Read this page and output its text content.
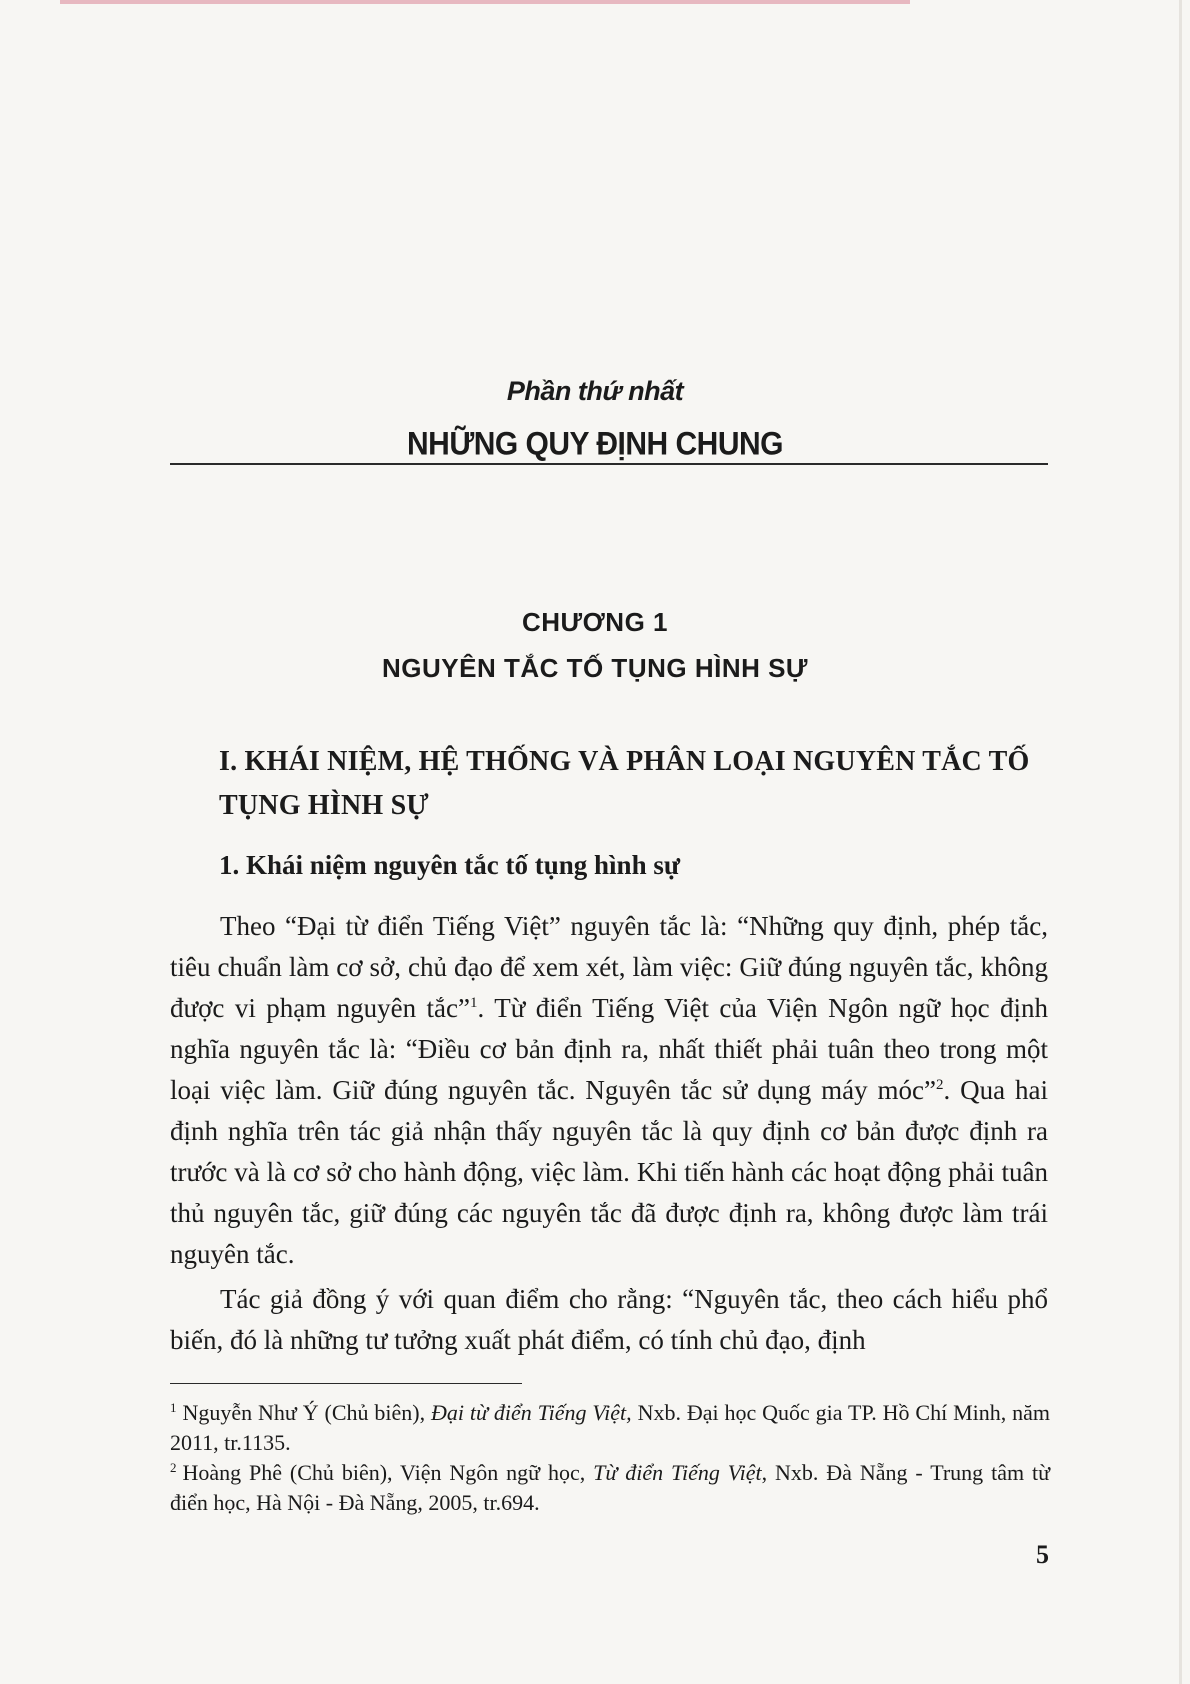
Phần thứ nhất
NHỮNG QUY ĐỊNH CHUNG
CHƯƠNG 1
NGUYÊN TẮC TỐ TỤNG HÌNH SỰ
I. KHÁI NIỆM, HỆ THỐNG VÀ PHÂN LOẠI NGUYÊN TẮC TỐ TỤNG HÌNH SỰ
1. Khái niệm nguyên tắc tố tụng hình sự

Theo “Đại từ điển Tiếng Việt” nguyên tắc là: “Những quy định, phép tắc, tiêu chuẩn làm cơ sở, chủ đạo để xem xét, làm việc: Giữ đúng nguyên tắc, không được vi phạm nguyên tắc”$^1$. Từ điển Tiếng Việt của Viện Ngôn ngữ học định nghĩa nguyên tắc là: “Điều cơ bản định ra, nhất thiết phải tuân theo trong một loại việc làm. Giữ đúng nguyên tắc. Nguyên tắc sử dụng máy móc”$^2$. Qua hai định nghĩa trên tác giả nhận thấy nguyên tắc là quy định cơ bản được định ra trước và là cơ sở cho hành động, việc làm. Khi tiến hành các hoạt động phải tuân thủ nguyên tắc, giữ đúng các nguyên tắc đã được định ra, không được làm trái nguyên tắc.

Tác giả đồng ý với quan điểm cho rằng: “Nguyên tắc, theo cách hiểu phổ biến, đó là những tư tưởng xuất phát điểm, có tính chủ đạo, định

$^1$ Nguyễn Như Ý (Chủ biên), Đại từ điển Tiếng Việt, Nxb. Đại học Quốc gia TP. Hồ Chí Minh, năm 2011, tr.1135.

$^2$ Hoàng Phê (Chủ biên), Viện Ngôn ngữ học, Từ điển Tiếng Việt, Nxb. Đà Nẵng - Trung tâm từ điển học, Hà Nội - Đà Nẵng, 2005, tr.694.

5
